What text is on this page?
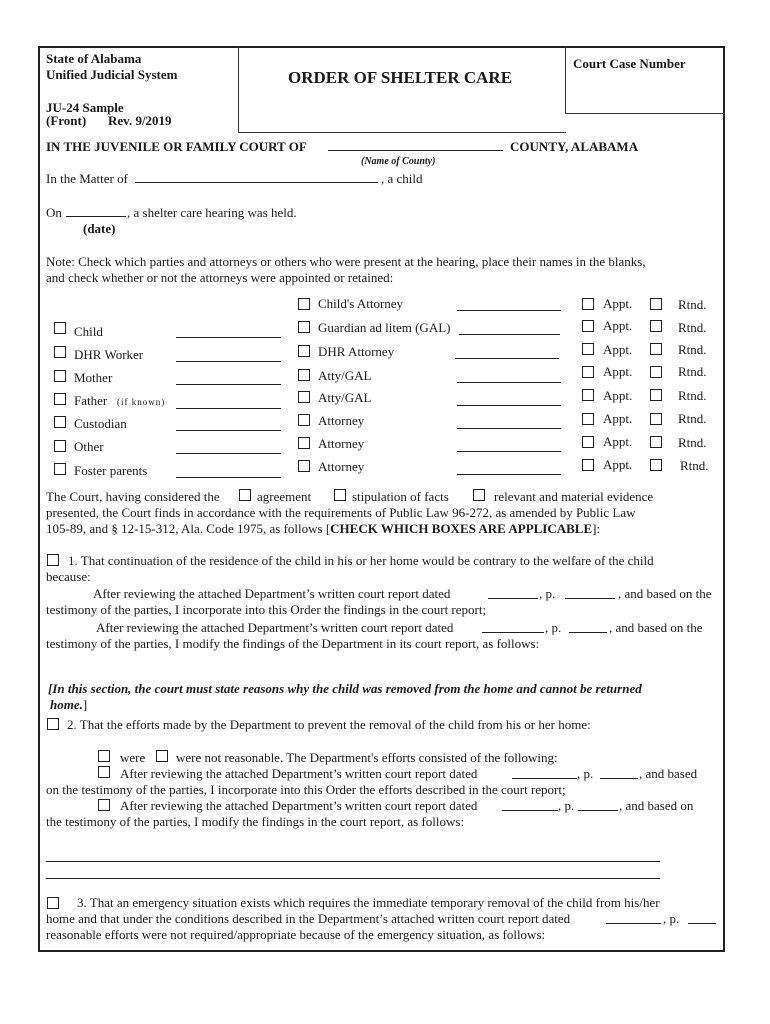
State of Alabama
Unified Judicial System
JU-24 Sample
(Front) Rev. 9/2019
ORDER OF SHELTER CARE
Court Case Number
IN THE JUVENILE OR FAMILY COURT OF	COUNTY, ALABAMA
(Name of County)
In the Matter of	, a child
On	, a shelter care hearing was held.
(date)
Note: Check which parties and attorneys or others who were present at the hearing, place their names in the blanks,
and check whether or not the attorneys were appointed or retained:
Child
DHR Worker
Mother
Father (if known)
Custodian
Other
Foster parents
Child's Attorney	Appt.	Rtnd.
Guardian ad litem (GAL)	Appt.	Rtnd.
DHR Attorney	Appt.	Rtnd.
Atty/GAL	Appt.	Rtnd.
Atty/GAL	Appt.	Rtnd.
Attorney	Appt.	Rtnd.
Attorney	Appt.	Rtnd.
Attorney	Appt.	Rtnd.
The Court, having considered the	agreement	stipulation of facts	relevant and material evidence
presented, the Court finds in accordance with the requirements of Public Law 96-272, as amended by Public Law
105-89, and § 12-15-312, Ala. Code 1975, as follows [CHECK WHICH BOXES ARE APPLICABLE]:
1. That continuation of the residence of the child in his or her home would be contrary to the welfare of the child
because:
After reviewing the attached Department’s written court report dated	, p.	, and based on the
testimony of the parties, I incorporate into this Order the findings in the court report;
After reviewing the attached Department’s written court report dated	, p.	, and based on the
testimony of the parties, I modify the findings of the Department in its court report, as follows:
[In this section, the court must state reasons why the child was removed from the home and cannot be returned
home.]
2. That the efforts made by the Department to prevent the removal of the child from his or her home:
were were not reasonable. The Department's efforts consisted of the following:
After reviewing the attached Department’s written court report dated	, p.	, and based
on the testimony of the parties, I incorporate into this Order the efforts described in the court report;
After reviewing the attached Department’s written court report dated	, p.	, and based on
the testimony of the parties, I modify the findings in the court report, as follows:
3. That an emergency situation exists which requires the immediate temporary removal of the child from his/her
home and that under the conditions described in the Department’s attached written court report dated	, p.
reasonable efforts were not required/appropriate because of the emergency situation, as follows:
